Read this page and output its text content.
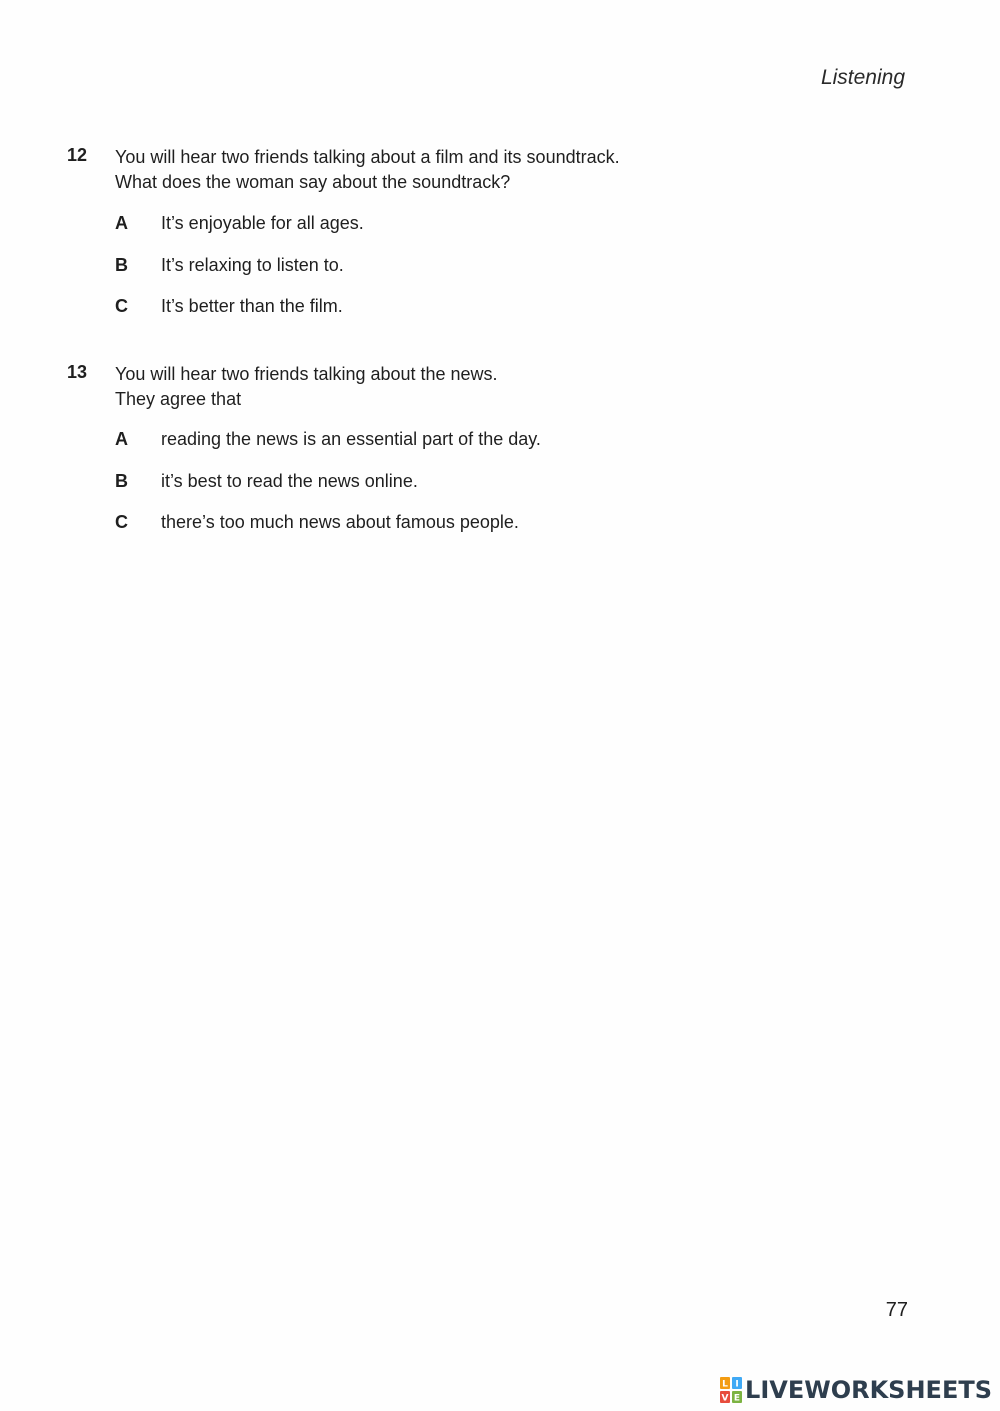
Listening
12 You will hear two friends talking about a film and its soundtrack.
What does the woman say about the soundtrack?
A It’s enjoyable for all ages.
B It’s relaxing to listen to.
C It’s better than the film.
13 You will hear two friends talking about the news.
They agree that
A reading the news is an essential part of the day.
B it’s best to read the news online.
C there’s too much news about famous people.
77
L I
V E LIVEWORKSHEETS
